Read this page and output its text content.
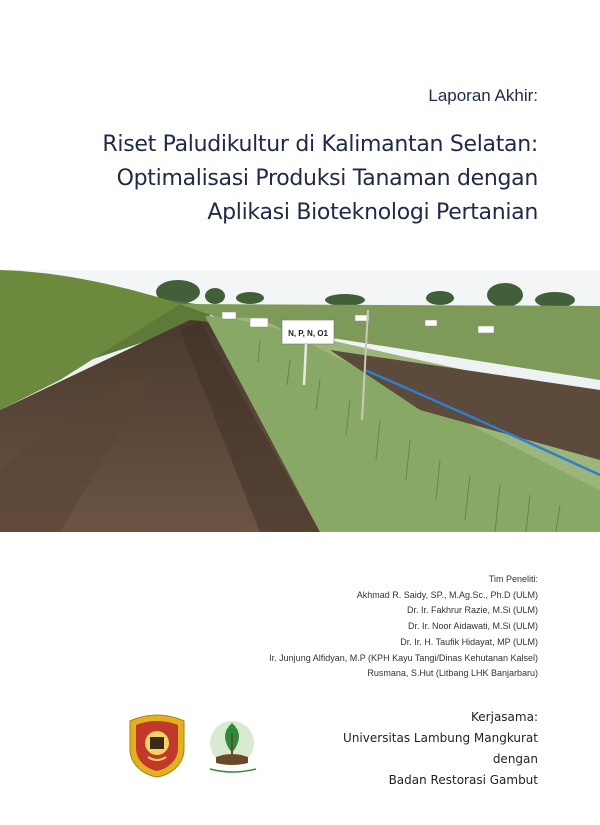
Laporan Akhir:
Riset Paludikultur di Kalimantan Selatan:
Optimalisasi Produksi Tanaman dengan
Aplikasi Bioteknologi Pertanian
N, P, N, O1
Tim Peneliti:
Akhmad R. Saidy, SP., M.Ag.Sc., Ph.D (ULM)
Dr. Ir. Fakhrur Razie, M.Si (ULM)
Dr. Ir. Noor Aidawati, M.Si (ULM)
Dr. Ir. H. Taufik Hidayat, MP (ULM)
Ir. Junjung Alfidyan, M.P (KPH Kayu Tangi/Dinas Kehutanan Kalsel)
Rusmana, S.Hut (Litbang LHK Banjarbaru)
Kerjasama:
Universitas Lambung Mangkurat
dengan
Badan Restorasi Gambut
